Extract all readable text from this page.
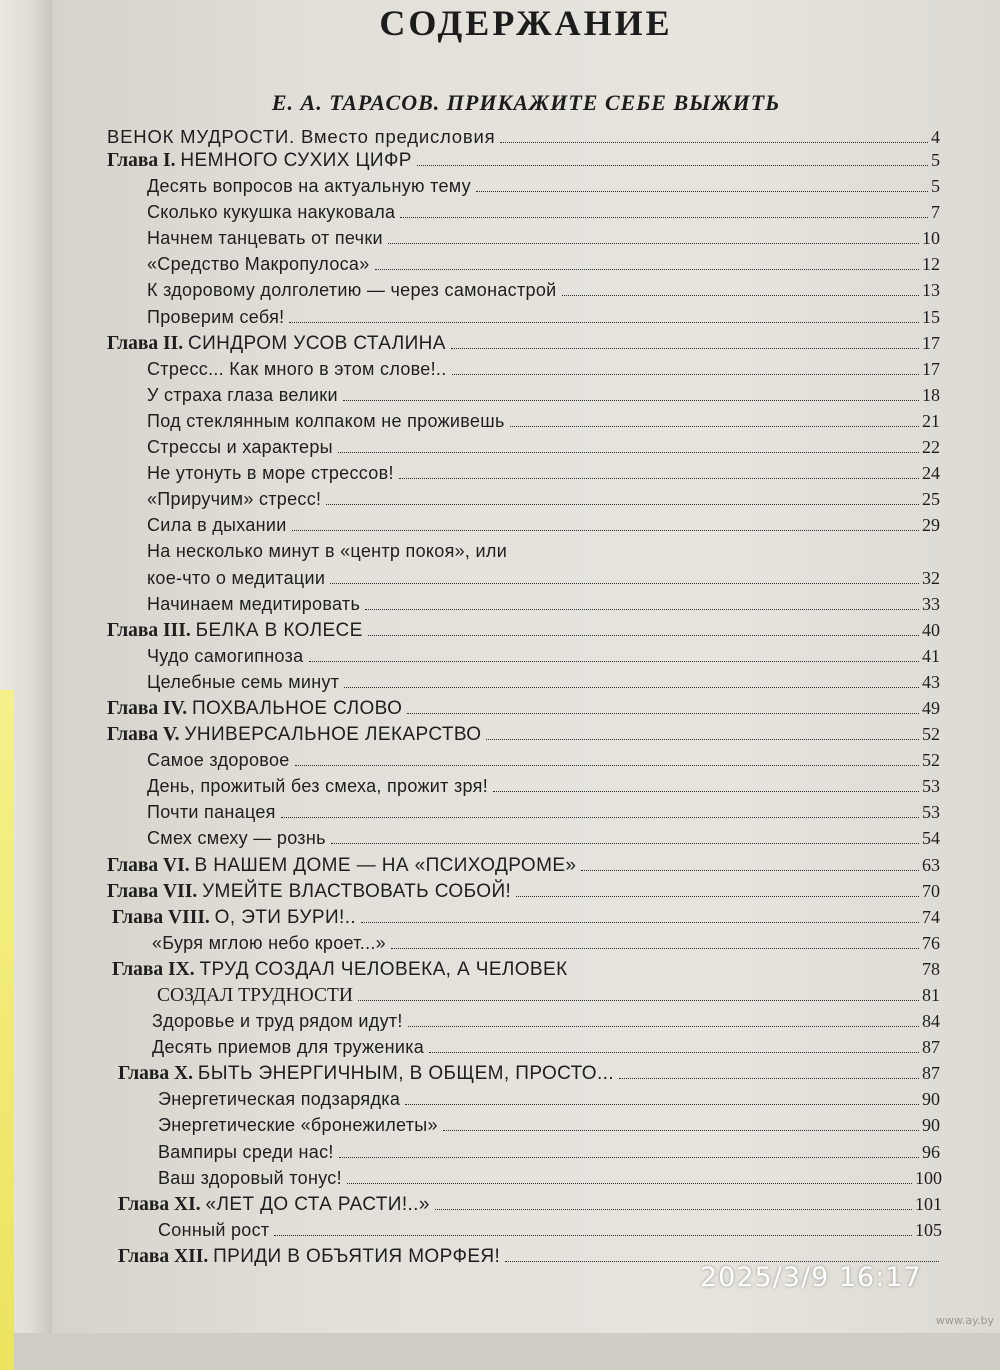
СОДЕРЖАНИЕ
Е. А. ТАРАСОВ. ПРИКАЖИТЕ СЕБЕ ВЫЖИТЬ
ВЕНОК МУДРОСТИ. Вместо предисловия	4
Глава I. НЕМНОГО СУХИХ ЦИФР	5
Десять вопросов на актуальную тему	5
Сколько кукушка накуковала	7
Начнем танцевать от печки	10
«Средство Макропулоса»	12
К здоровому долголетию — через самонастрой	13
Проверим себя!	15
Глава II. СИНДРОМ УСОВ СТАЛИНА	17
Стресс... Как много в этом слове!..	17
У страха глаза велики	18
Под стеклянным колпаком не проживешь	21
Стрессы и характеры	22
Не утонуть в море стрессов!	24
«Приручим» стресс!	25
Сила в дыхании	29
На несколько минут в «центр покоя», или
кое-что о медитации	32
Начинаем медитировать	33
Глава III. БЕЛКА В КОЛЕСЕ	40
Чудо самогипноза	41
Целебные семь минут	43
Глава IV. ПОХВАЛЬНОЕ СЛОВО	49
Глава V. УНИВЕРСАЛЬНОЕ ЛЕКАРСТВО	52
Самое здоровое	52
День, прожитый без смеха, прожит зря!	53
Почти панацея	53
Смех смеху — рознь	54
Глава VI. В НАШЕМ ДОМЕ — НА «ПСИХОДРОМЕ»	63
Глава VII. УМЕЙТЕ ВЛАСТВОВАТЬ СОБОЙ!	70
Глава VIII. О, ЭТИ БУРИ!..	74
«Буря мглою небо кроет...»	76
Глава IX. ТРУД СОЗДАЛ ЧЕЛОВЕКА, А ЧЕЛОВЕК	78
СОЗДАЛ ТРУДНОСТИ	81
Здоровье и труд рядом идут!	84
Десять приемов для труженика	87
Глава X. БЫТЬ ЭНЕРГИЧНЫМ, В ОБЩЕМ, ПРОСТО...	87
Энергетическая подзарядка	90
Энергетические «бронежилеты»	90
Вампиры среди нас!	96
Ваш здоровый тонус!	100
Глава XI. «ЛЕТ ДО СТА РАСТИ!..»	101
Сонный рост	105
Глава XII. ПРИДИ В ОБЪЯТИЯ МОРФЕЯ!
2025/3/9 16:17
www.ay.by
